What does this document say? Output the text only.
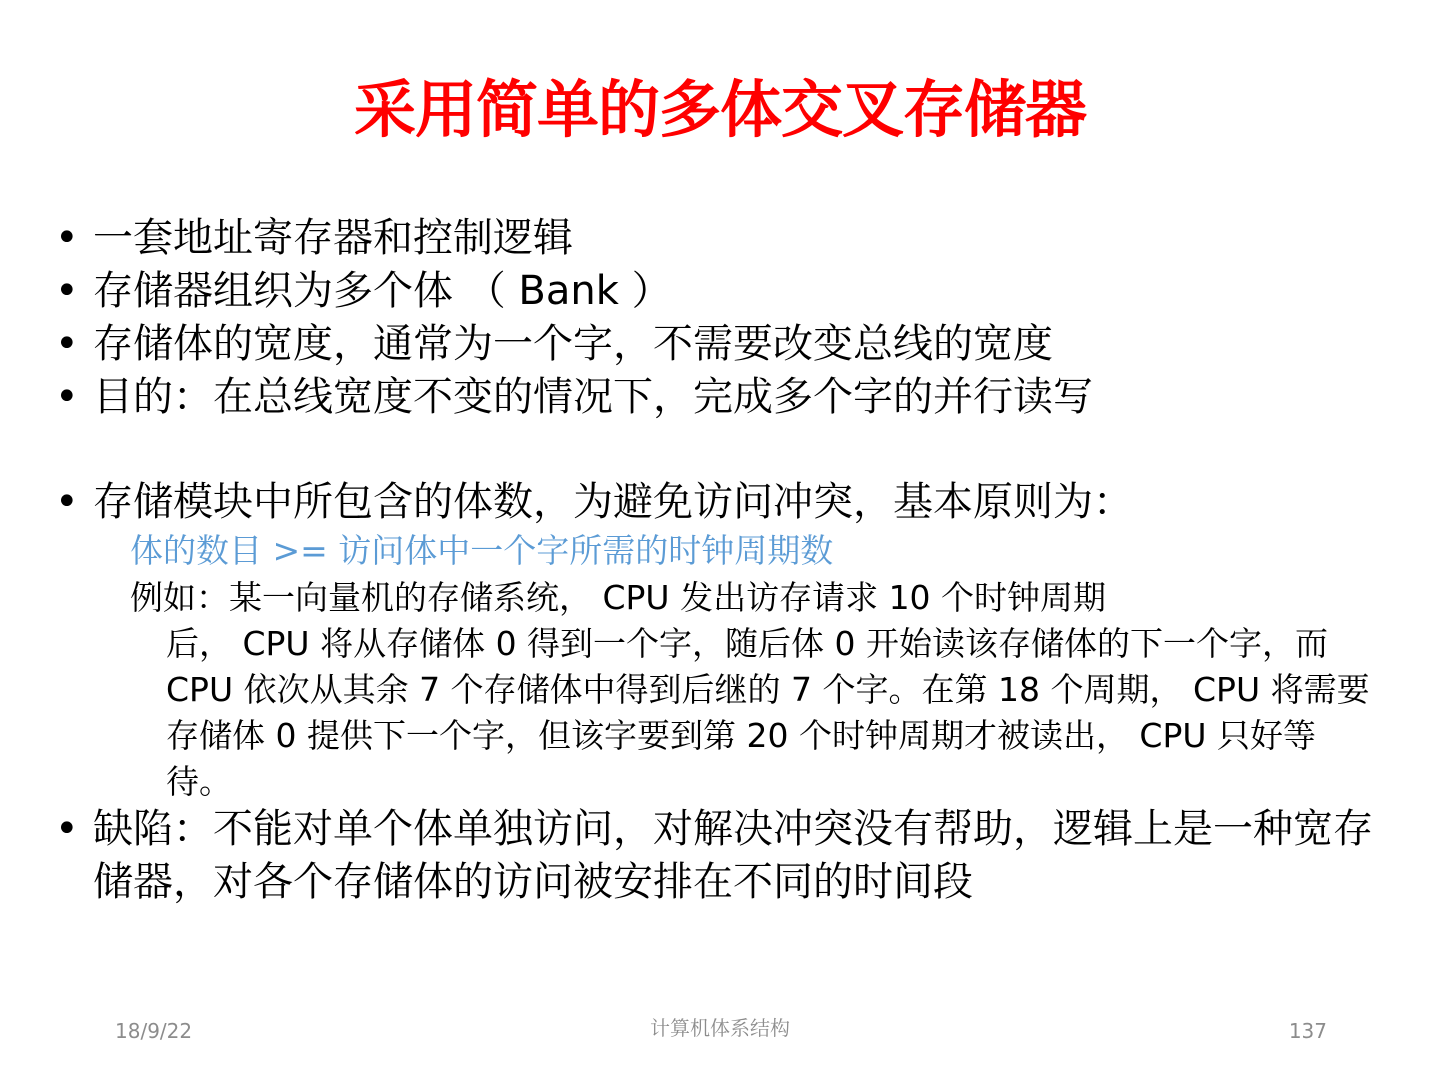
采用简单的多体交叉存储器
• 一套地址寄存器和控制逻辑
• 存储器组织为多个体 （ Bank ）
• 存储体的宽度，通常为一个字，不需要改变总线的宽度
• 目的：在总线宽度不变的情况下，完成多个字的并行读写
• 存储模块中所包含的体数，为避免访问冲突，基本原则为：
体的数目 >= 访问体中一个字所需的时钟周期数
例如：某一向量机的存储系统， CPU 发出访存请求 10 个时钟周期
后， CPU 将从存储体 0 得到一个字，随后体 0 开始读该存储体的下一个字，而 CPU 依次从其余 7 个存储体中得到后继的 7 个字。在第 18 个周期， CPU 将需要存储体 0 提供下一个字，但该字要到第 20 个时钟周期才被读出， CPU 只好等待。
• 缺陷：不能对单个体单独访问，对解决冲突没有帮助，逻辑上是一种宽存储器，对各个存储体的访问被安排在不同的时间段
18/9/22	计算机体系结构	137
